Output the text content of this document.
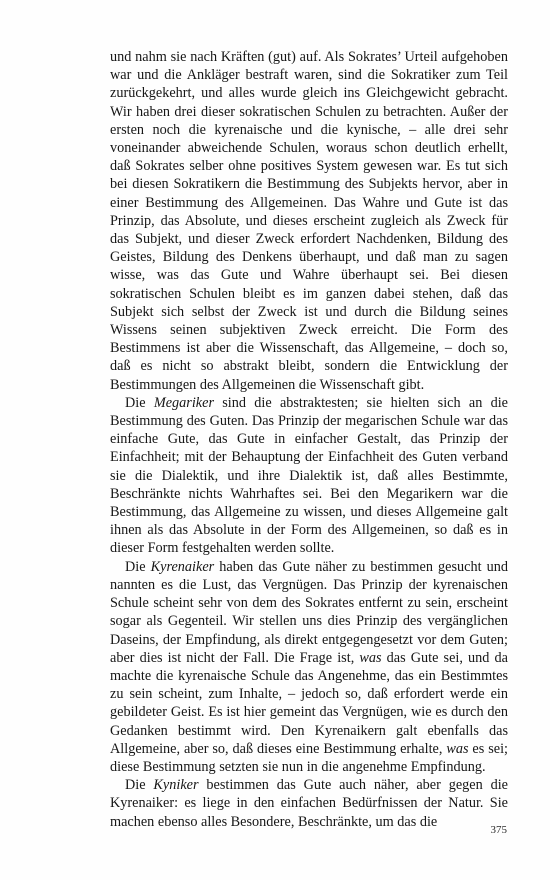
und nahm sie nach Kräften (gut) auf. Als Sokrates’ Urteil aufgehoben war und die Ankläger bestraft waren, sind die Sokratiker zum Teil zurückgekehrt, und alles wurde gleich ins Gleichgewicht gebracht. Wir haben drei dieser sokratischen Schulen zu betrachten. Außer der ersten noch die kyrenaische und die kynische, – alle drei sehr voneinander abweichende Schulen, woraus schon deutlich erhellt, daß Sokrates selber ohne positives System gewesen war. Es tut sich bei diesen Sokratikern die Bestimmung des Subjekts hervor, aber in einer Bestimmung des Allgemeinen. Das Wahre und Gute ist das Prinzip, das Absolute, und dieses erscheint zugleich als Zweck für das Subjekt, und dieser Zweck erfordert Nachdenken, Bildung des Geistes, Bildung des Denkens überhaupt, und daß man zu sagen wisse, was das Gute und Wahre überhaupt sei. Bei diesen sokratischen Schulen bleibt es im ganzen dabei stehen, daß das Subjekt sich selbst der Zweck ist und durch die Bildung seines Wissens seinen subjektiven Zweck erreicht. Die Form des Bestimmens ist aber die Wissenschaft, das Allgemeine, – doch so, daß es nicht so abstrakt bleibt, sondern die Entwicklung der Bestimmungen des Allgemeinen die Wissenschaft gibt.

Die Megariker sind die abstraktesten; sie hielten sich an die Bestimmung des Guten. Das Prinzip der megarischen Schule war das einfache Gute, das Gute in einfacher Gestalt, das Prinzip der Einfachheit; mit der Behauptung der Einfachheit des Guten verband sie die Dialektik, und ihre Dialektik ist, daß alles Bestimmte, Beschränkte nichts Wahrhaftes sei. Bei den Megarikern war die Bestimmung, das Allgemeine zu wissen, und dieses Allgemeine galt ihnen als das Absolute in der Form des Allgemeinen, so daß es in dieser Form festgehalten werden sollte.

Die Kyrenaiker haben das Gute näher zu bestimmen gesucht und nannten es die Lust, das Vergnügen. Das Prinzip der kyrenaischen Schule scheint sehr von dem des Sokrates entfernt zu sein, erscheint sogar als Gegenteil. Wir stellen uns dies Prinzip des vergänglichen Daseins, der Empfindung, als direkt entgegengesetzt vor dem Guten; aber dies ist nicht der Fall. Die Frage ist, was das Gute sei, und da machte die kyrenaische Schule das Angenehme, das ein Bestimmtes zu sein scheint, zum Inhalte, – jedoch so, daß erfordert werde ein gebildeter Geist. Es ist hier gemeint das Vergnügen, wie es durch den Gedanken bestimmt wird. Den Kyrenaikern galt ebenfalls das Allgemeine, aber so, daß dieses eine Bestimmung erhalte, was es sei; diese Bestimmung setzten sie nun in die angenehme Empfindung.

Die Kyniker bestimmen das Gute auch näher, aber gegen die Kyrenaiker: es liege in den einfachen Bedürfnissen der Natur. Sie machen ebenso alles Besondere, Beschränkte, um das die

375
